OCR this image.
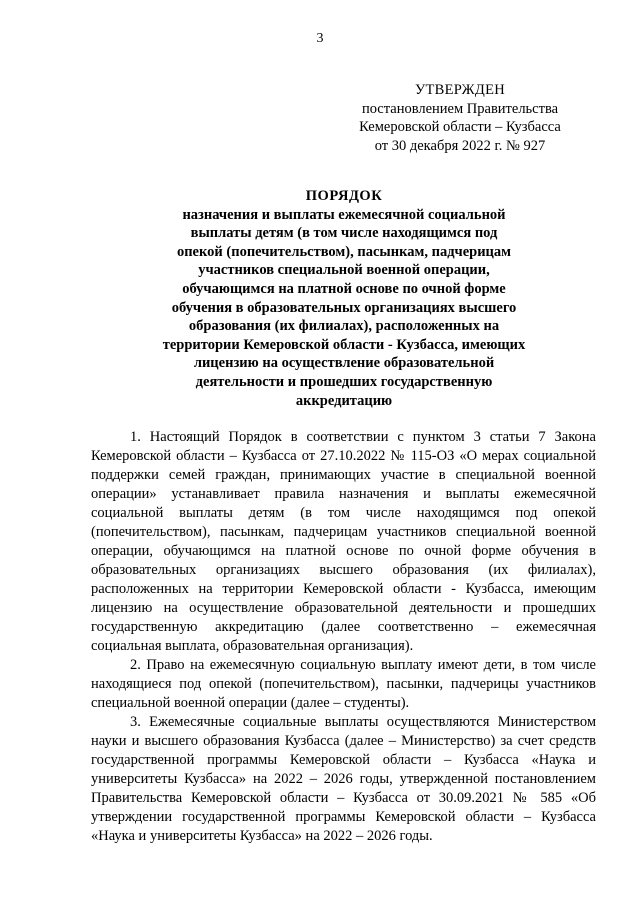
3
УТВЕРЖДЕН
постановлением Правительства
Кемеровской области – Кузбасса
от 30 декабря 2022 г. № 927
ПОРЯДОК
назначения и выплаты ежемесячной социальной
выплаты детям (в том числе находящимся под
опекой (попечительством), пасынкам, падчерицам
участников специальной военной операции,
обучающимся на платной основе по очной форме
обучения в образовательных организациях высшего
образования (их филиалах), расположенных на
территории Кемеровской области - Кузбасса, имеющих
лицензию на осуществление образовательной
деятельности и прошедших государственную
аккредитацию

1. Настоящий Порядок в соответствии с пунктом 3 статьи 7 Закона Кемеровской области – Кузбасса от 27.10.2022 № 115-ОЗ «О мерах социальной поддержки семей граждан, принимающих участие в специальной военной операции» устанавливает правила назначения и выплаты ежемесячной социальной выплаты детям (в том числе находящимся под опекой (попечительством), пасынкам, падчерицам участников специальной военной операции, обучающимся на платной основе по очной форме обучения в образовательных организациях высшего образования (их филиалах), расположенных на территории Кемеровской области - Кузбасса, имеющим лицензию на осуществление образовательной деятельности и прошедших государственную аккредитацию (далее соответственно – ежемесячная социальная выплата, образовательная организация).

2. Право на ежемесячную социальную выплату имеют дети, в том числе находящиеся под опекой (попечительством), пасынки, падчерицы участников специальной военной операции (далее – студенты).

3. Ежемесячные социальные выплаты осуществляются Министерством науки и высшего образования Кузбасса (далее – Министерство) за счет средств государственной программы Кемеровской области – Кузбасса «Наука и университеты Кузбасса» на 2022 – 2026 годы, утвержденной постановлением Правительства Кемеровской области – Кузбасса от 30.09.2021 № 585 «Об утверждении государственной программы Кемеровской области – Кузбасса «Наука и университеты Кузбасса» на 2022 – 2026 годы.
